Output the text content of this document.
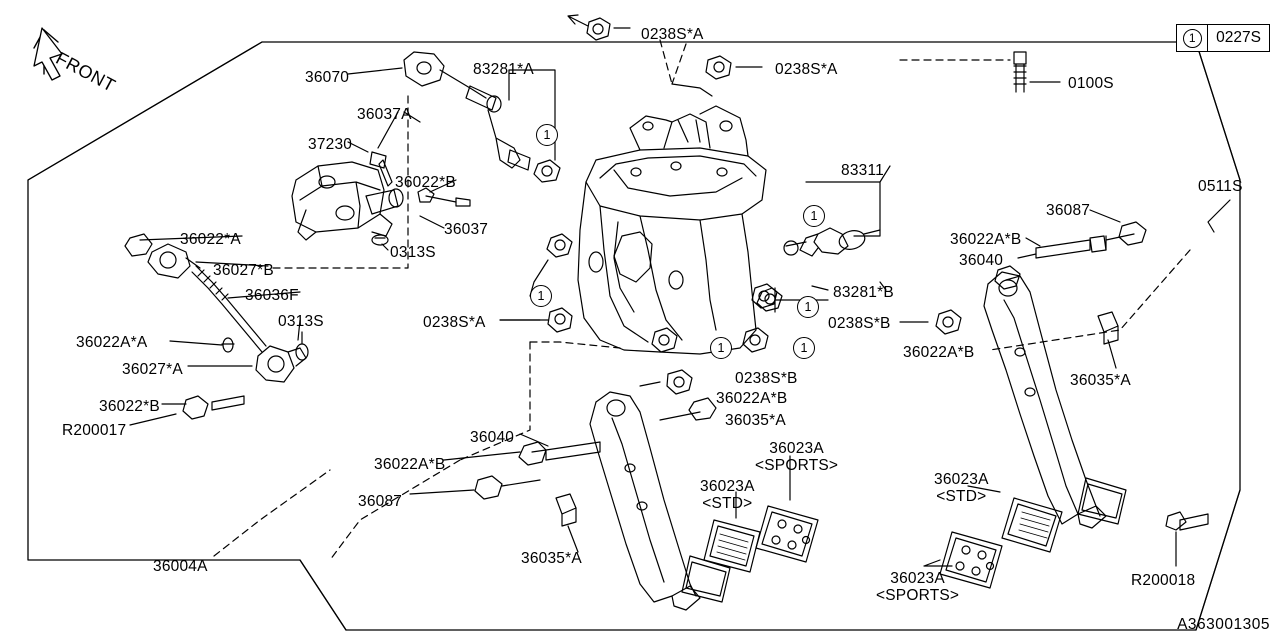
FRONT
1	0227S
A363001305
1
1
1
1
1	1
0238S*A
0238S*A
0100S
36070	83281*A
36037A
37230
36022*B
36037
0313S
83311
0511S
36087
36022A*B
36040
36022*A
36027*B
36036F
0313S
36022A*A
36027*A
36022*B
R200017
0238S*A
83281*B
0238S*B
36022A*B
36035*A
0238S*B
36022A*B
36035*A
36040
36022A*B
36087
36035*A
36004A
R200018
36023A
<SPORTS>
36023A
<STD>
36023A
<STD>
36023A
<SPORTS>
